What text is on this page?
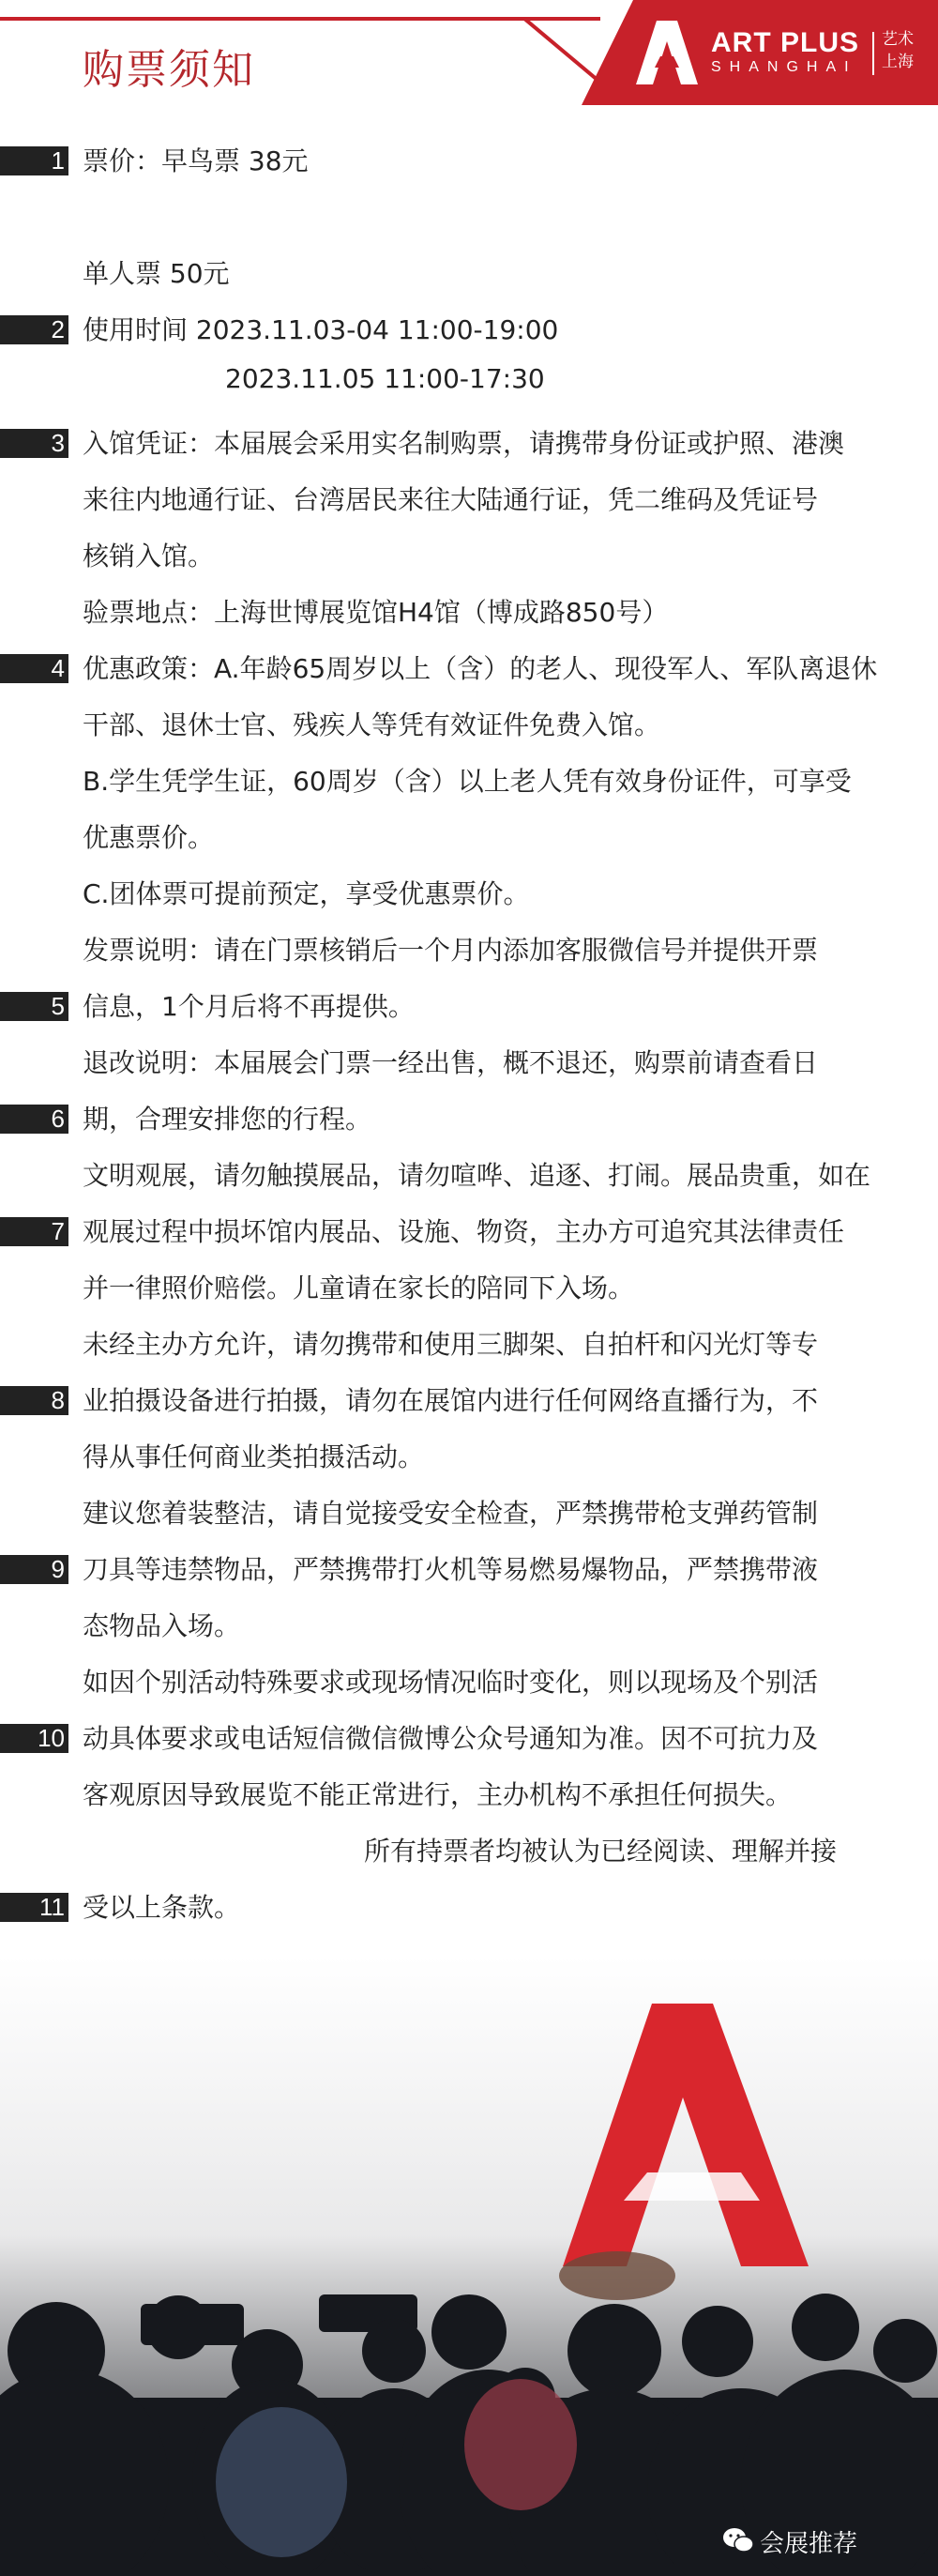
购票须知
ART PLUS
SHANGHAI
艺术
上海
1 票价：早鸟票 38元
单人票 50元
2 使用时间 2023.11.03-04 11:00-19:00
2023.11.05 11:00-17:30
3 入馆凭证：本届展会采用实名制购票，请携带身份证或护照、港澳
来往内地通行证、台湾居民来往大陆通行证，凭二维码及凭证号
核销入馆。
验票地点：上海世博展览馆H4馆（博成路850号）
4 优惠政策：A.年龄65周岁以上（含）的老人、现役军人、军队离退休
干部、退休士官、残疾人等凭有效证件免费入馆。
B.学生凭学生证，60周岁（含）以上老人凭有效身份证件，可享受
优惠票价。
C.团体票可提前预定，享受优惠票价。
发票说明：请在门票核销后一个月内添加客服微信号并提供开票
5 信息，1个月后将不再提供。
退改说明：本届展会门票一经出售，概不退还，购票前请查看日
6 期，合理安排您的行程。
文明观展，请勿触摸展品，请勿喧哗、追逐、打闹。展品贵重，如在
7 观展过程中损坏馆内展品、设施、物资，主办方可追究其法律责任
并一律照价赔偿。儿童请在家长的陪同下入场。
未经主办方允许，请勿携带和使用三脚架、自拍杆和闪光灯等专
8 业拍摄设备进行拍摄，请勿在展馆内进行任何网络直播行为，不
得从事任何商业类拍摄活动。
建议您着装整洁，请自觉接受安全检查，严禁携带枪支弹药管制
9 刀具等违禁物品，严禁携带打火机等易燃易爆物品，严禁携带液
态物品入场。
如因个别活动特殊要求或现场情况临时变化，则以现场及个别活
10 动具体要求或电话短信微信微博公众号通知为准。因不可抗力及
客观原因导致展览不能正常进行，主办机构不承担任何损失。
所有持票者均被认为已经阅读、理解并接
11 受以上条款。
会展推荐
